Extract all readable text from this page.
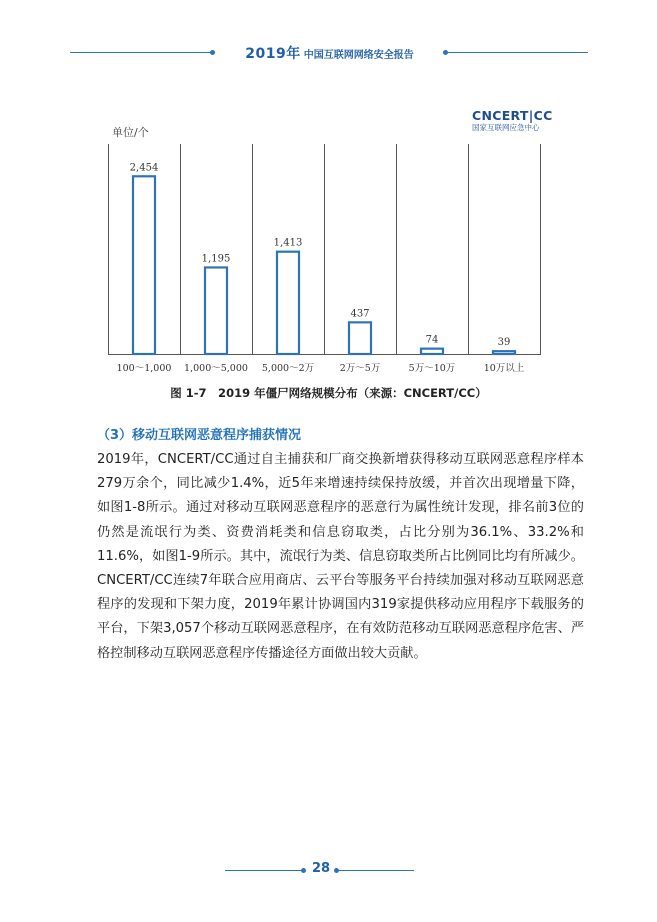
2019年 中国互联网网络安全报告
CNCERT|CC
国家互联网应急中心
单位/个
2,454
100～1,000
1,195
1,000～5,000
1,413
5,000～2万
437
2万～5万
74
5万～10万
39
10万以上
图 1-7　2019 年僵尸网络规模分布（来源：CNCERT/CC）
（3）移动互联网恶意程序捕获情况

2019年，CNCERT/CC通过自主捕获和厂商交换新增获得移动互联网恶意程序样本279万余个，同比减少1.4%，近5年来增速持续保持放缓，并首次出现增量下降，如图1-8所示。通过对移动互联网恶意程序的恶意行为属性统计发现，排名前3位的仍然是流氓行为类、资费消耗类和信息窃取类，占比分别为36.1%、33.2%和11.6%，如图1-9所示。其中，流氓行为类、信息窃取类所占比例同比均有所减少。CNCERT/CC连续7年联合应用商店、云平台等服务平台持续加强对移动互联网恶意程序的发现和下架力度，2019年累计协调国内319家提供移动应用程序下载服务的平台，下架3,057个移动互联网恶意程序，在有效防范移动互联网恶意程序危害、严格控制移动互联网恶意程序传播途径方面做出较大贡献。

28
